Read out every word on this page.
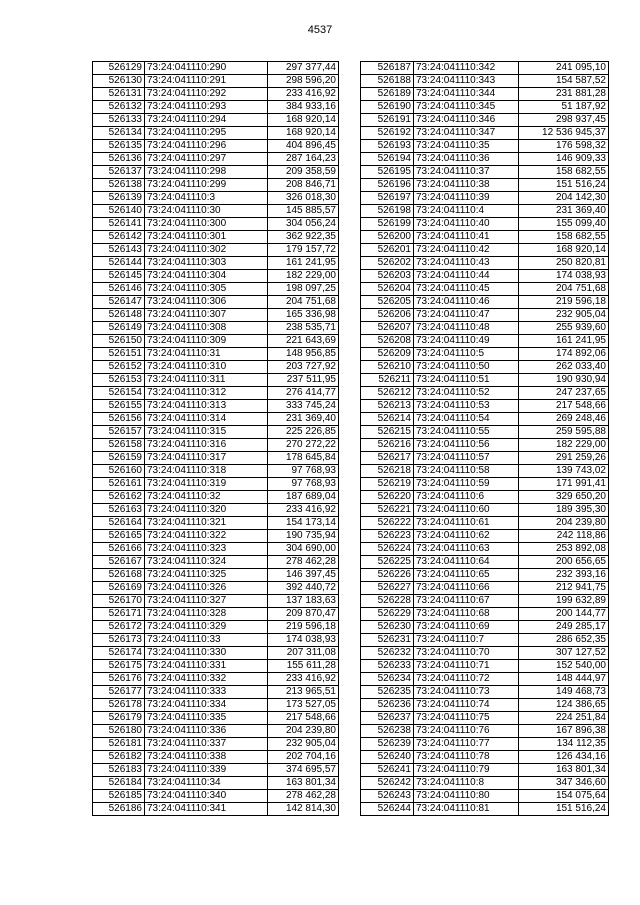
4537
526129	73:24:041110:290	297 377,44
526130	73:24:041110:291	298 596,20
526131	73:24:041110:292	233 416,92
526132	73:24:041110:293	384 933,16
526133	73:24:041110:294	168 920,14
526134	73:24:041110:295	168 920,14
526135	73:24:041110:296	404 896,45
526136	73:24:041110:297	287 164,23
526137	73:24:041110:298	209 358,59
526138	73:24:041110:299	208 846,71
526139	73:24:041110:3	326 018,30
526140	73:24:041110:30	145 885,57
526141	73:24:041110:300	304 056,24
526142	73:24:041110:301	362 922,35
526143	73:24:041110:302	179 157,72
526144	73:24:041110:303	161 241,95
526145	73:24:041110:304	182 229,00
526146	73:24:041110:305	198 097,25
526147	73:24:041110:306	204 751,68
526148	73:24:041110:307	165 336,98
526149	73:24:041110:308	238 535,71
526150	73:24:041110:309	221 643,69
526151	73:24:041110:31	148 956,85
526152	73:24:041110:310	203 727,92
526153	73:24:041110:311	237 511,95
526154	73:24:041110:312	276 414,77
526155	73:24:041110:313	333 745,24
526156	73:24:041110:314	231 369,40
526157	73:24:041110:315	225 226,85
526158	73:24:041110:316	270 272,22
526159	73:24:041110:317	178 645,84
526160	73:24:041110:318	97 768,93
526161	73:24:041110:319	97 768,93
526162	73:24:041110:32	187 689,04
526163	73:24:041110:320	233 416,92
526164	73:24:041110:321	154 173,14
526165	73:24:041110:322	190 735,94
526166	73:24:041110:323	304 690,00
526167	73:24:041110:324	278 462,28
526168	73:24:041110:325	146 397,45
526169	73:24:041110:326	392 440,72
526170	73:24:041110:327	137 183,63
526171	73:24:041110:328	209 870,47
526172	73:24:041110:329	219 596,18
526173	73:24:041110:33	174 038,93
526174	73:24:041110:330	207 311,08
526175	73:24:041110:331	155 611,28
526176	73:24:041110:332	233 416,92
526177	73:24:041110:333	213 965,51
526178	73:24:041110:334	173 527,05
526179	73:24:041110:335	217 548,66
526180	73:24:041110:336	204 239,80
526181	73:24:041110:337	232 905,04
526182	73:24:041110:338	202 704,16
526183	73:24:041110:339	374 695,57
526184	73:24:041110:34	163 801,34
526185	73:24:041110:340	278 462,28
526186	73:24:041110:341	142 814,30
526187	73:24:041110:342	241 095,10
526188	73:24:041110:343	154 587,52
526189	73:24:041110:344	231 881,28
526190	73:24:041110:345	51 187,92
526191	73:24:041110:346	298 937,45
526192	73:24:041110:347	12 536 945,37
526193	73:24:041110:35	176 598,32
526194	73:24:041110:36	146 909,33
526195	73:24:041110:37	158 682,55
526196	73:24:041110:38	151 516,24
526197	73:24:041110:39	204 142,30
526198	73:24:041110:4	231 369,40
526199	73:24:041110:40	155 099,40
526200	73:24:041110:41	158 682,55
526201	73:24:041110:42	168 920,14
526202	73:24:041110:43	250 820,81
526203	73:24:041110:44	174 038,93
526204	73:24:041110:45	204 751,68
526205	73:24:041110:46	219 596,18
526206	73:24:041110:47	232 905,04
526207	73:24:041110:48	255 939,60
526208	73:24:041110:49	161 241,95
526209	73:24:041110:5	174 892,06
526210	73:24:041110:50	262 033,40
526211	73:24:041110:51	190 930,94
526212	73:24:041110:52	247 237,65
526213	73:24:041110:53	217 548,66
526214	73:24:041110:54	269 248,46
526215	73:24:041110:55	259 595,88
526216	73:24:041110:56	182 229,00
526217	73:24:041110:57	291 259,26
526218	73:24:041110:58	139 743,02
526219	73:24:041110:59	171 991,41
526220	73:24:041110:6	329 650,20
526221	73:24:041110:60	189 395,30
526222	73:24:041110:61	204 239,80
526223	73:24:041110:62	242 118,86
526224	73:24:041110:63	253 892,08
526225	73:24:041110:64	200 656,65
526226	73:24:041110:65	232 393,16
526227	73:24:041110:66	212 941,75
526228	73:24:041110:67	199 632,89
526229	73:24:041110:68	200 144,77
526230	73:24:041110:69	249 285,17
526231	73:24:041110:7	286 652,35
526232	73:24:041110:70	307 127,52
526233	73:24:041110:71	152 540,00
526234	73:24:041110:72	148 444,97
526235	73:24:041110:73	149 468,73
526236	73:24:041110:74	124 386,65
526237	73:24:041110:75	224 251,84
526238	73:24:041110:76	167 896,38
526239	73:24:041110:77	134 112,35
526240	73:24:041110:78	126 434,16
526241	73:24:041110:79	163 801,34
526242	73:24:041110:8	347 346,60
526243	73:24:041110:80	154 075,64
526244	73:24:041110:81	151 516,24
